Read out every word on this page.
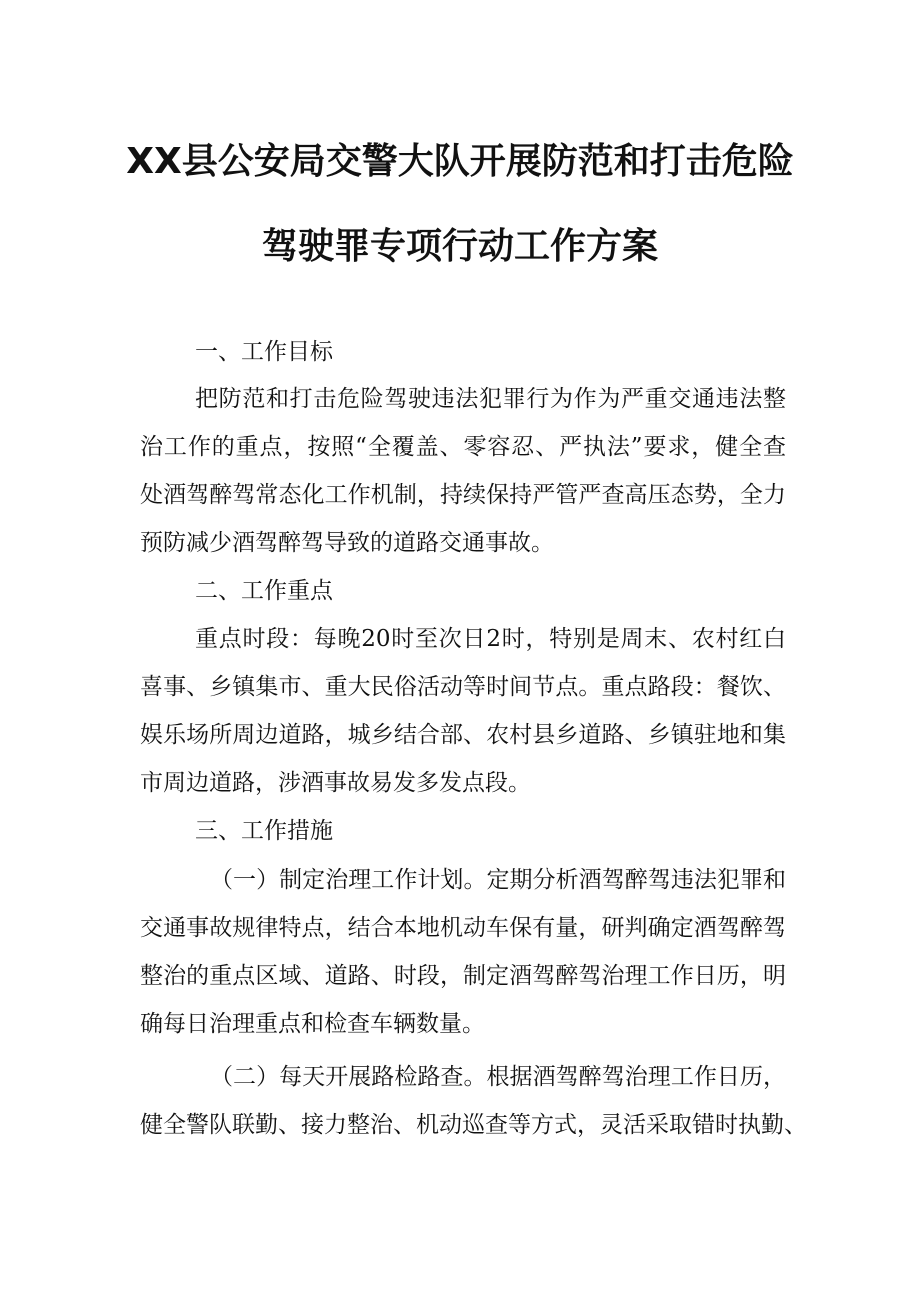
XX县公安局交警大队开展防范和打击危险
驾驶罪专项行动工作方案
一、工作目标
把防范和打击危险驾驶违法犯罪行为作为严重交通违法整
治工作的重点，按照“全覆盖、零容忍、严执法”要求，健全查
处酒驾醉驾常态化工作机制，持续保持严管严查高压态势，全力
预防减少酒驾醉驾导致的道路交通事故。
二、工作重点
重点时段：每晚20时至次日2时，特别是周末、农村红白
喜事、乡镇集市、重大民俗活动等时间节点。重点路段：餐饮、
娱乐场所周边道路，城乡结合部、农村县乡道路、乡镇驻地和集
市周边道路，涉酒事故易发多发点段。
三、工作措施
（一）制定治理工作计划。定期分析酒驾醉驾违法犯罪和
交通事故规律特点，结合本地机动车保有量，研判确定酒驾醉驾
整治的重点区域、道路、时段，制定酒驾醉驾治理工作日历，明
确每日治理重点和检查车辆数量。
（二）每天开展路检路查。根据酒驾醉驾治理工作日历，
健全警队联勤、接力整治、机动巡查等方式，灵活采取错时执勤、
